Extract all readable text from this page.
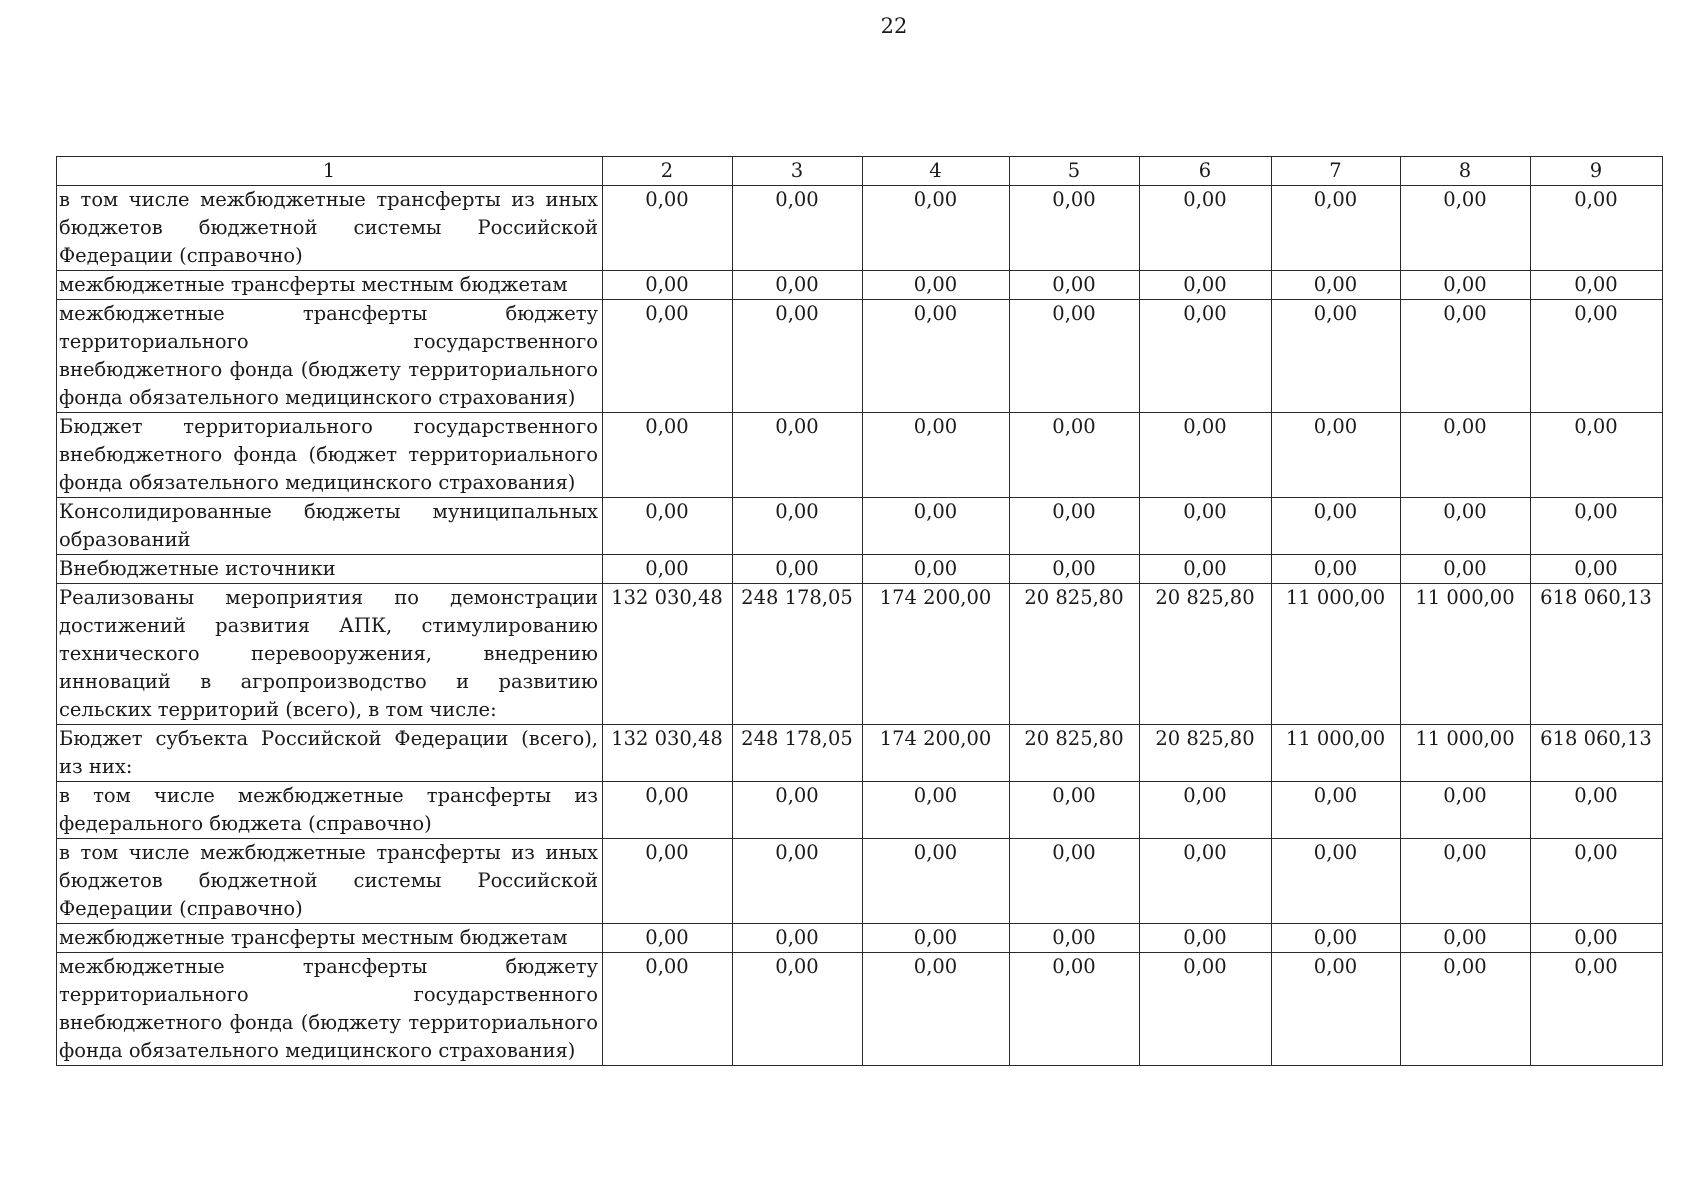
22
1	2	3	4	5	6	7	8	9
в том числе межбюджетные трансферты из иных бюджетов бюджетной системы Российской Федерации (справочно)	0,00	0,00	0,00	0,00	0,00	0,00	0,00	0,00
межбюджетные трансферты местным бюджетам	0,00	0,00	0,00	0,00	0,00	0,00	0,00	0,00
межбюджетные трансферты бюджету территориального государственного внебюджетного фонда (бюджету территориального фонда обязательного медицинского страхования)	0,00	0,00	0,00	0,00	0,00	0,00	0,00	0,00
Бюджет территориального государственного внебюджетного фонда (бюджет территориального фонда обязательного медицинского страхования)	0,00	0,00	0,00	0,00	0,00	0,00	0,00	0,00
Консолидированные бюджеты муниципальных образований	0,00	0,00	0,00	0,00	0,00	0,00	0,00	0,00
Внебюджетные источники	0,00	0,00	0,00	0,00	0,00	0,00	0,00	0,00
Реализованы мероприятия по демонстрации достижений развития АПК, стимулированию технического перевооружения, внедрению инноваций в агропроизводство и развитию сельских территорий (всего), в том числе:	132 030,48	248 178,05	174 200,00	20 825,80	20 825,80	11 000,00	11 000,00	618 060,13
Бюджет субъекта Российской Федерации (всего), из них:	132 030,48	248 178,05	174 200,00	20 825,80	20 825,80	11 000,00	11 000,00	618 060,13
в том числе межбюджетные трансферты из федерального бюджета (справочно)	0,00	0,00	0,00	0,00	0,00	0,00	0,00	0,00
в том числе межбюджетные трансферты из иных бюджетов бюджетной системы Российской Федерации (справочно)	0,00	0,00	0,00	0,00	0,00	0,00	0,00	0,00
межбюджетные трансферты местным бюджетам	0,00	0,00	0,00	0,00	0,00	0,00	0,00	0,00
межбюджетные трансферты бюджету территориального государственного внебюджетного фонда (бюджету территориального фонда обязательного медицинского страхования)	0,00	0,00	0,00	0,00	0,00	0,00	0,00	0,00
